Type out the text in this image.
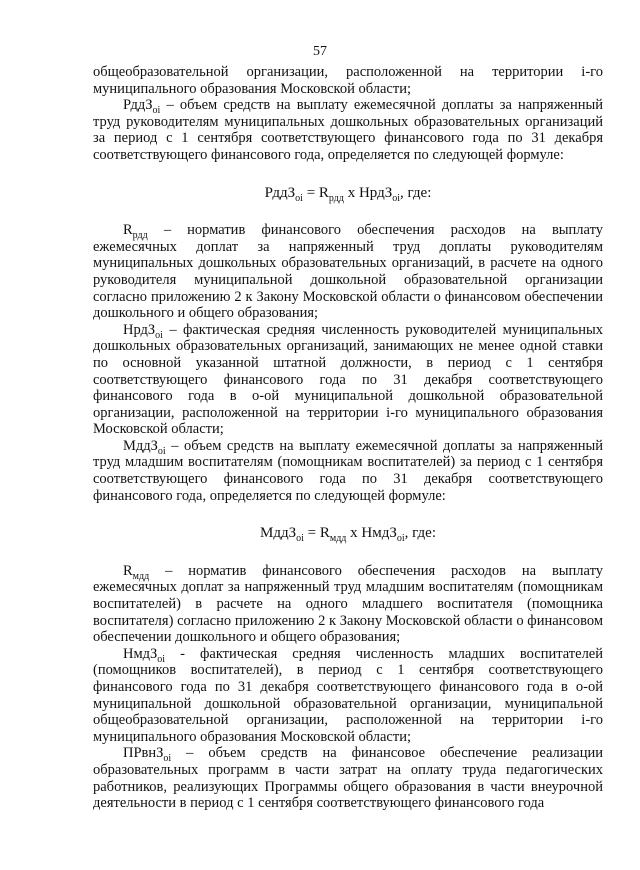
57

общеобразовательной организации, расположенной на территории i-го муниципального образования Московской области;

РддЗ$_{oi}$ – объем средств на выплату ежемесячной доплаты за напряженный труд руководителям муниципальных дошкольных образовательных организаций за период с 1 сентября соответствующего финансового года по 31 декабря соответствующего финансового года, определяется по следующей формуле:

РддЗ$_{oi}$ = $R_{рдд}$ x НрдЗ$_{oi}$, где:

$R_{рдд}$ – норматив финансового обеспечения расходов на выплату ежемесячных доплат за напряженный труд доплаты руководителям муниципальных дошкольных образовательных организаций, в расчете на одного руководителя муниципальной дошкольной образовательной организации согласно приложению 2 к Закону Московской области о финансовом обеспечении дошкольного и общего образования;

НрдЗ$_{oi}$ – фактическая средняя численность руководителей муниципальных дошкольных образовательных организаций, занимающих не менее одной ставки по основной указанной штатной должности, в период с 1 сентября соответствующего финансового года по 31 декабря соответствующего финансового года в о-ой муниципальной дошкольной образовательной организации, расположенной на территории i-го муниципального образования Московской области;

МддЗ$_{oi}$ – объем средств на выплату ежемесячной доплаты за напряженный труд младшим воспитателям (помощникам воспитателей) за период с 1 сентября соответствующего финансового года по 31 декабря соответствующего финансового года, определяется по следующей формуле:

МддЗ$_{oi}$ = $R_{мдд}$ x НмдЗ$_{oi}$, где:

$R_{мдд}$ – норматив финансового обеспечения расходов на выплату ежемесячных доплат за напряженный труд младшим воспитателям (помощникам воспитателей) в расчете на одного младшего воспитателя (помощника воспитателя) согласно приложению 2 к Закону Московской области о финансовом обеспечении дошкольного и общего образования;

НмдЗ$_{oi}$ - фактическая средняя численность младших воспитателей (помощников воспитателей), в период с 1 сентября соответствующего финансового года по 31 декабря соответствующего финансового года в о-ой муниципальной дошкольной образовательной организации, муниципальной общеобразовательной организации, расположенной на территории i-го муниципального образования Московской области;

ПРвнЗ$_{oi}$ – объем средств на финансовое обеспечение реализации образовательных программ в части затрат на оплату труда педагогических работников, реализующих Программы общего образования в части внеурочной деятельности в период с 1 сентября соответствующего финансового года
